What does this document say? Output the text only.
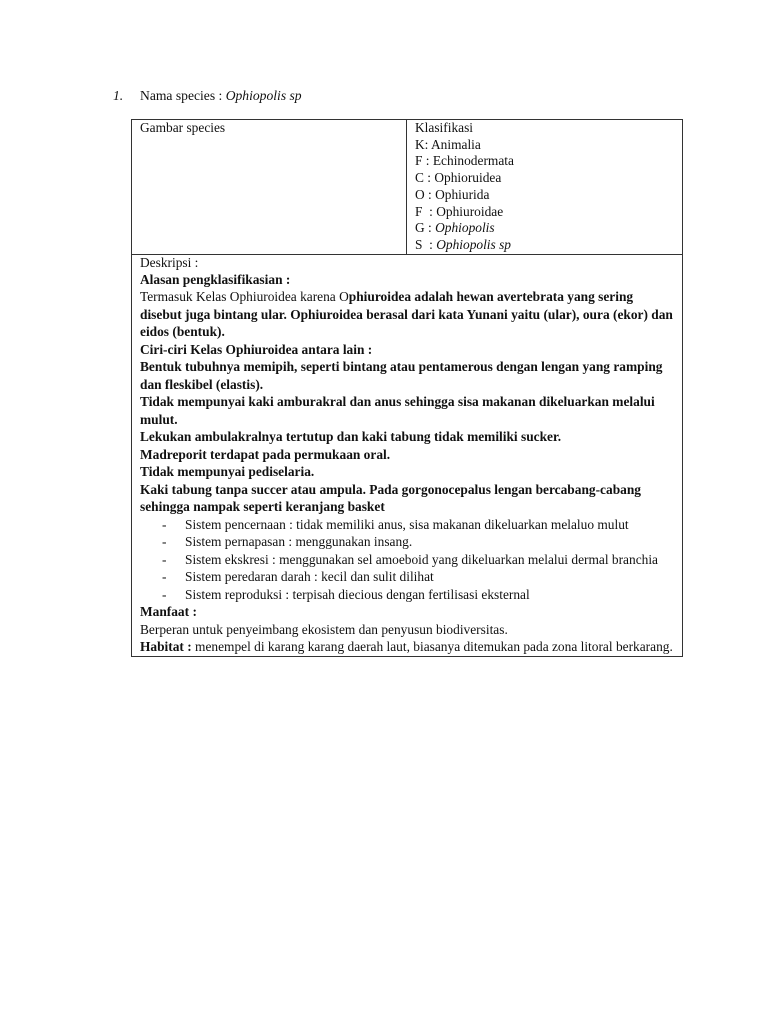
1. Nama species : Ophiopolis sp
Gambar species	Klasifikasi
K: Animalia
F : Echinodermata
C : Ophioruidea
O : Ophiurida
F  : Ophiuroidae
G : Ophiopolis
S  : Ophiopolis sp

Deskripsi :
Alasan pengklasifikasian :

Termasuk Kelas Ophiuroidea karena Ophiuroidea adalah hewan avertebrata yang sering disebut juga bintang ular. Ophiuroidea berasal dari kata Yunani yaitu (ular), oura (ekor) dan eidos (bentuk).

Ciri-ciri Kelas Ophiuroidea antara lain :
Bentuk tubuhnya memipih, seperti bintang atau pentamerous dengan lengan yang ramping dan fleskibel (elastis).
Tidak mempunyai kaki amburakral dan anus sehingga sisa makanan dikeluarkan melalui mulut.
Lekukan ambulakralnya tertutup dan kaki tabung tidak memiliki sucker.
Madreporit terdapat pada permukaan oral.
Tidak mempunyai pediselaria.
Kaki tabung tanpa succer atau ampula. Pada gorgonocepalus lengan bercabang-cabang sehingga nampak seperti keranjang basket
- Sistem pencernaan : tidak memiliki anus, sisa makanan dikeluarkan melaluo mulut
- Sistem pernapasan : menggunakan insang.
- Sistem ekskresi : menggunakan sel amoeboid yang dikeluarkan melalui dermal branchia
- Sistem peredaran darah : kecil dan sulit dilihat
- Sistem reproduksi : terpisah diecious dengan fertilisasi eksternal
Manfaat :
Berperan untuk penyeimbang ekosistem dan penyusun biodiversitas.

Habitat : menempel di karang karang daerah laut, biasanya ditemukan pada zona litoral berkarang.
